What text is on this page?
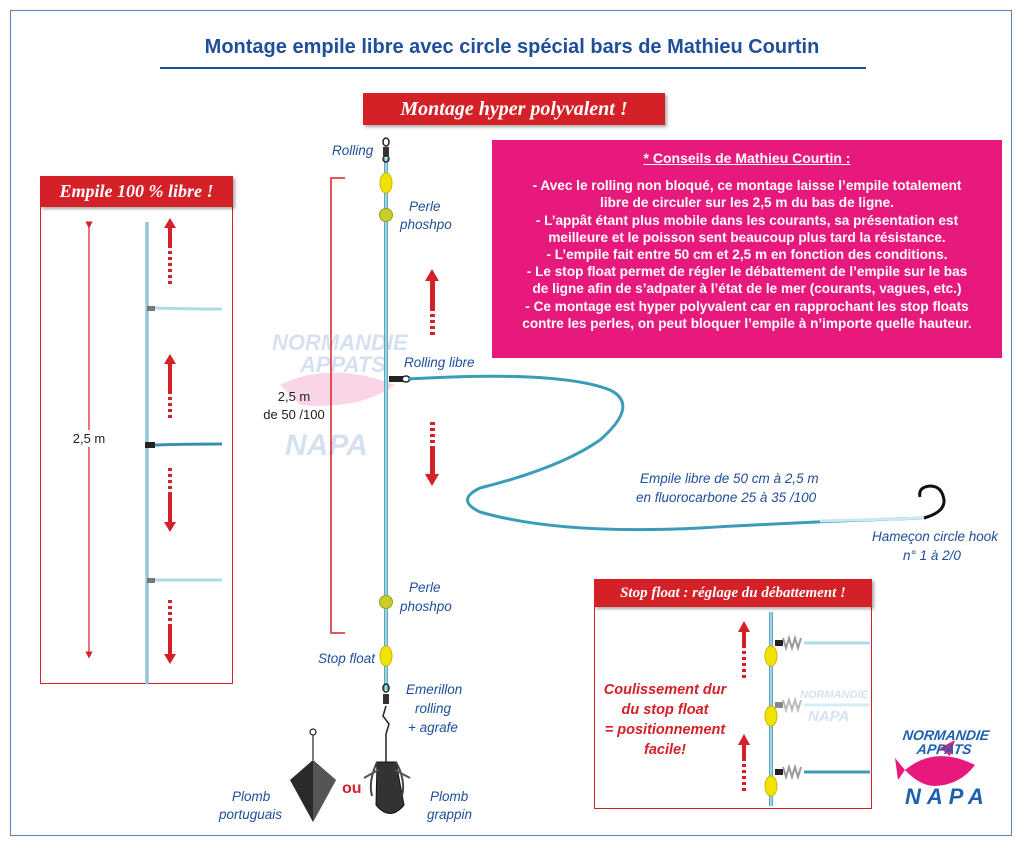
Montage empile libre avec circle spécial bars de Mathieu Courtin
Montage hyper polyvalent !
Empile 100 % libre !
Stop float : réglage du débattement !
* Conseils de Mathieu Courtin :
- Avec le rolling non bloqué, ce montage laisse l’empile totalement
libre de circuler sur les 2,5 m du bas de ligne.
- L’appât étant plus mobile dans les courants, sa présentation est
meilleure et le poisson sent beaucoup plus tard la résistance.
- L’empile fait entre 50 cm et 2,5 m en fonction des conditions.
- Le stop float permet de régler le débattement de l’empile sur le bas
de ligne afin de s’adpater à l’état de le mer (courants, vagues, etc.)
- Ce montage est hyper polyvalent car en rapprochant les stop floats
contre les perles, on peut bloquer l’empile à n’importe quelle hauteur.
NORMANDIE
APPATS
NAPA
NORMANDIE
NAPA
Rolling
Perle
phoshpo
Rolling libre
2,5 m
de 50 /100
2,5 m
Empile libre de 50 cm à 2,5 m
en fluorocarbone 25 à 35 /100
Hameçon circle hook
n° 1 à 2/0
Perle
phoshpo
Stop float
Emerillon
rolling
+ agrafe
Plomb
portuguais
ou	Plomb
grappin
Coulissement dur
du stop float
= positionnement
facile!
NORMANDIE
APPATS
NAPA
